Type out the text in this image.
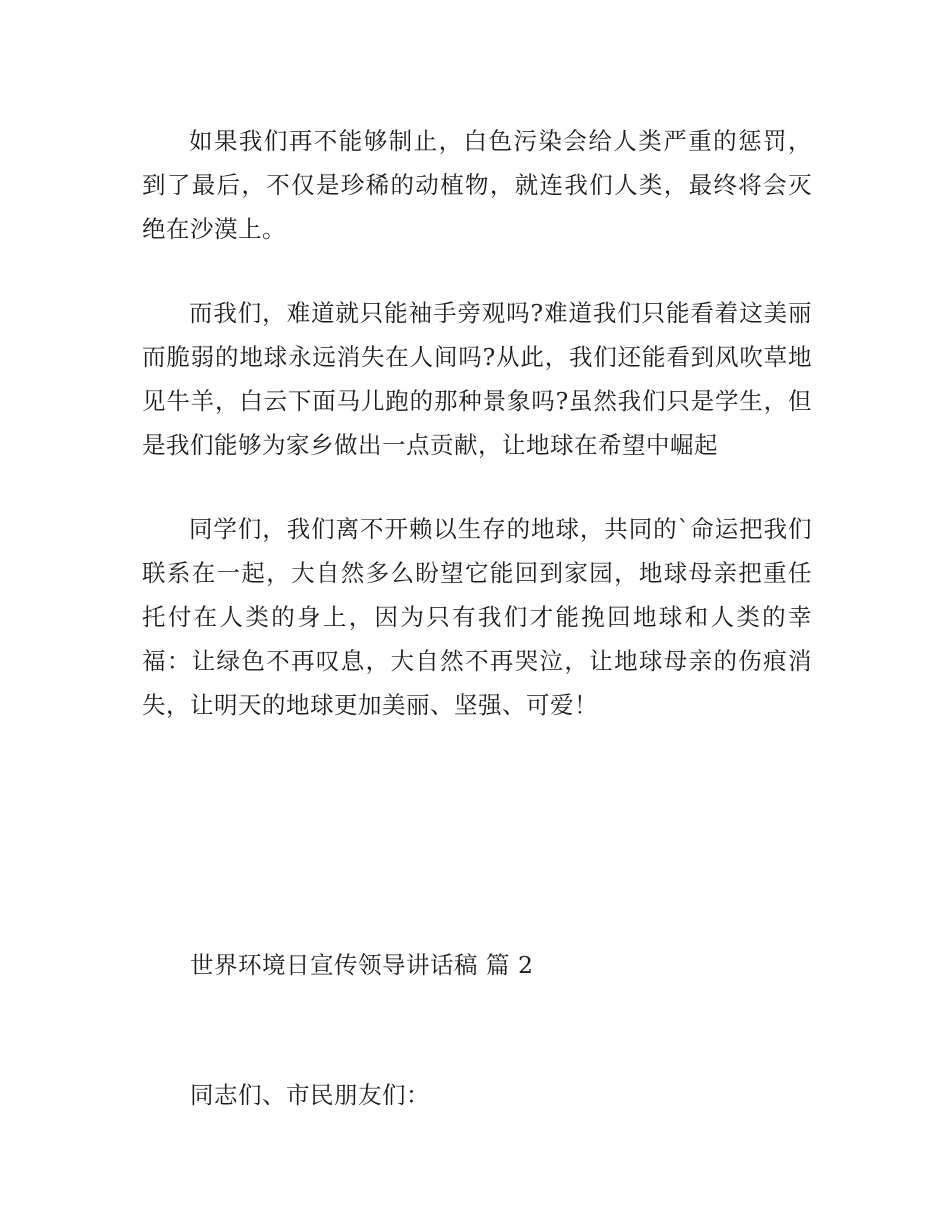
如果我们再不能够制止，白色污染会给人类严重的惩罚，到了最后，不仅是珍稀的动植物，就连我们人类，最终将会灭绝在沙漠上。

而我们，难道就只能袖手旁观吗?难道我们只能看着这美丽而脆弱的地球永远消失在人间吗?从此，我们还能看到风吹草地见牛羊，白云下面马儿跑的那种景象吗?虽然我们只是学生，但是我们能够为家乡做出一点贡献，让地球在希望中崛起

同学们，我们离不开赖以生存的地球，共同的`命运把我们联系在一起，大自然多么盼望它能回到家园，地球母亲把重任托付在人类的身上，因为只有我们才能挽回地球和人类的幸福：让绿色不再叹息，大自然不再哭泣，让地球母亲的伤痕消失，让明天的地球更加美丽、坚强、可爱！

世界环境日宣传领导讲话稿 篇 2

同志们、市民朋友们：
